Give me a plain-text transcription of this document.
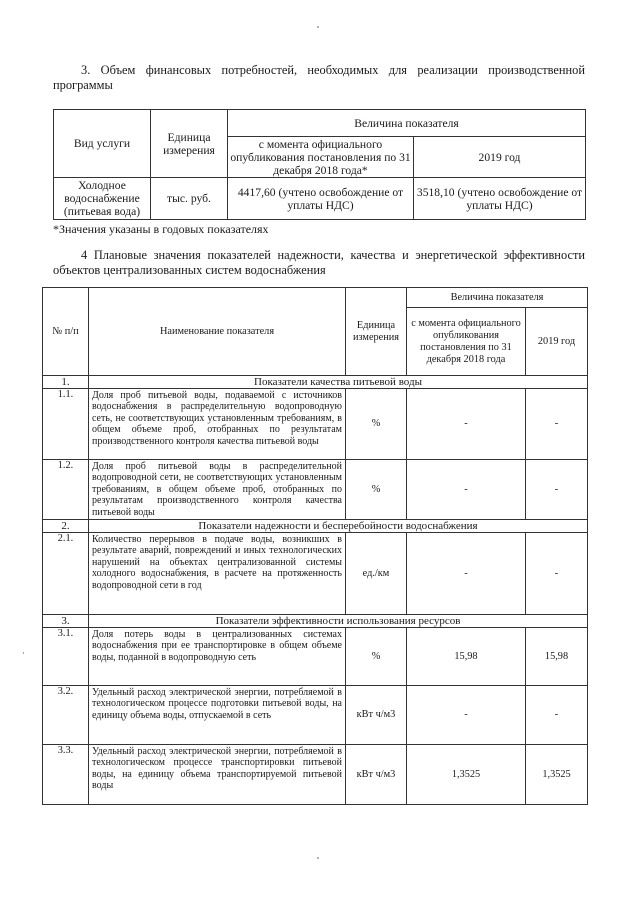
3. Объем финансовых потребностей, необходимых для реализации производственной программы
Вид услуги	Единица измерения	Величина показателя	
		с момента официального опубликования постановления по 31 декабря 2018 года*	2019 год
Холодное водоснабжение (питьевая вода)	тыс. руб.	4417,60 (учтено освобождение от уплаты НДС)	3518,10 (учтено освобождение от уплаты НДС)
*Значения указаны в годовых показателях
4 Плановые значения показателей надежности, качества и энергетической эффективности объектов централизованных систем водоснабжения
№ п/п	Наименование показателя	Единица измерения	Величина показателя	
			с момента официального опубликования постановления по 31 декабря 2018 года	2019 год
1.	Показатели качества питьевой воды			
1.1.	Доля проб питьевой воды, подаваемой с источников водоснабжения в распределительную водопроводную сеть, не соответствующих установленным требованиям, в общем объеме проб, отобранных по результатам производственного контроля качества питьевой воды	%	-	-
1.2.	Доля проб питьевой воды в распределительной водопроводной сети, не соответствующих установленным требованиям, в общем объеме проб, отобранных по результатам производственного контроля качества питьевой воды	%	-	-
2.	Показатели надежности и бесперебойности водоснабжения			
2.1.	Количество перерывов в подаче воды, возникших в результате аварий, повреждений и иных технологических нарушений на объектах централизованной системы холодного водоснабжения, в расчете на протяженность водопроводной сети в год	ед./км	-	-
3.	Показатели эффективности использования ресурсов			
3.1.	Доля потерь воды в централизованных системах водоснабжения при ее транспортировке в общем объеме воды, поданной в водопроводную сеть	%	15,98	15,98
3.2.	Удельный расход электрической энергии, потребляемой в технологическом процессе подготовки питьевой воды, на единицу объема воды, отпускаемой в сеть	кВт ч/м3	-	-
3.3.	Удельный расход электрической энергии, потребляемой в технологическом процессе транспортировки питьевой воды, на единицу объема транспортируемой питьевой воды	кВт ч/м3	1,3525	1,3525
